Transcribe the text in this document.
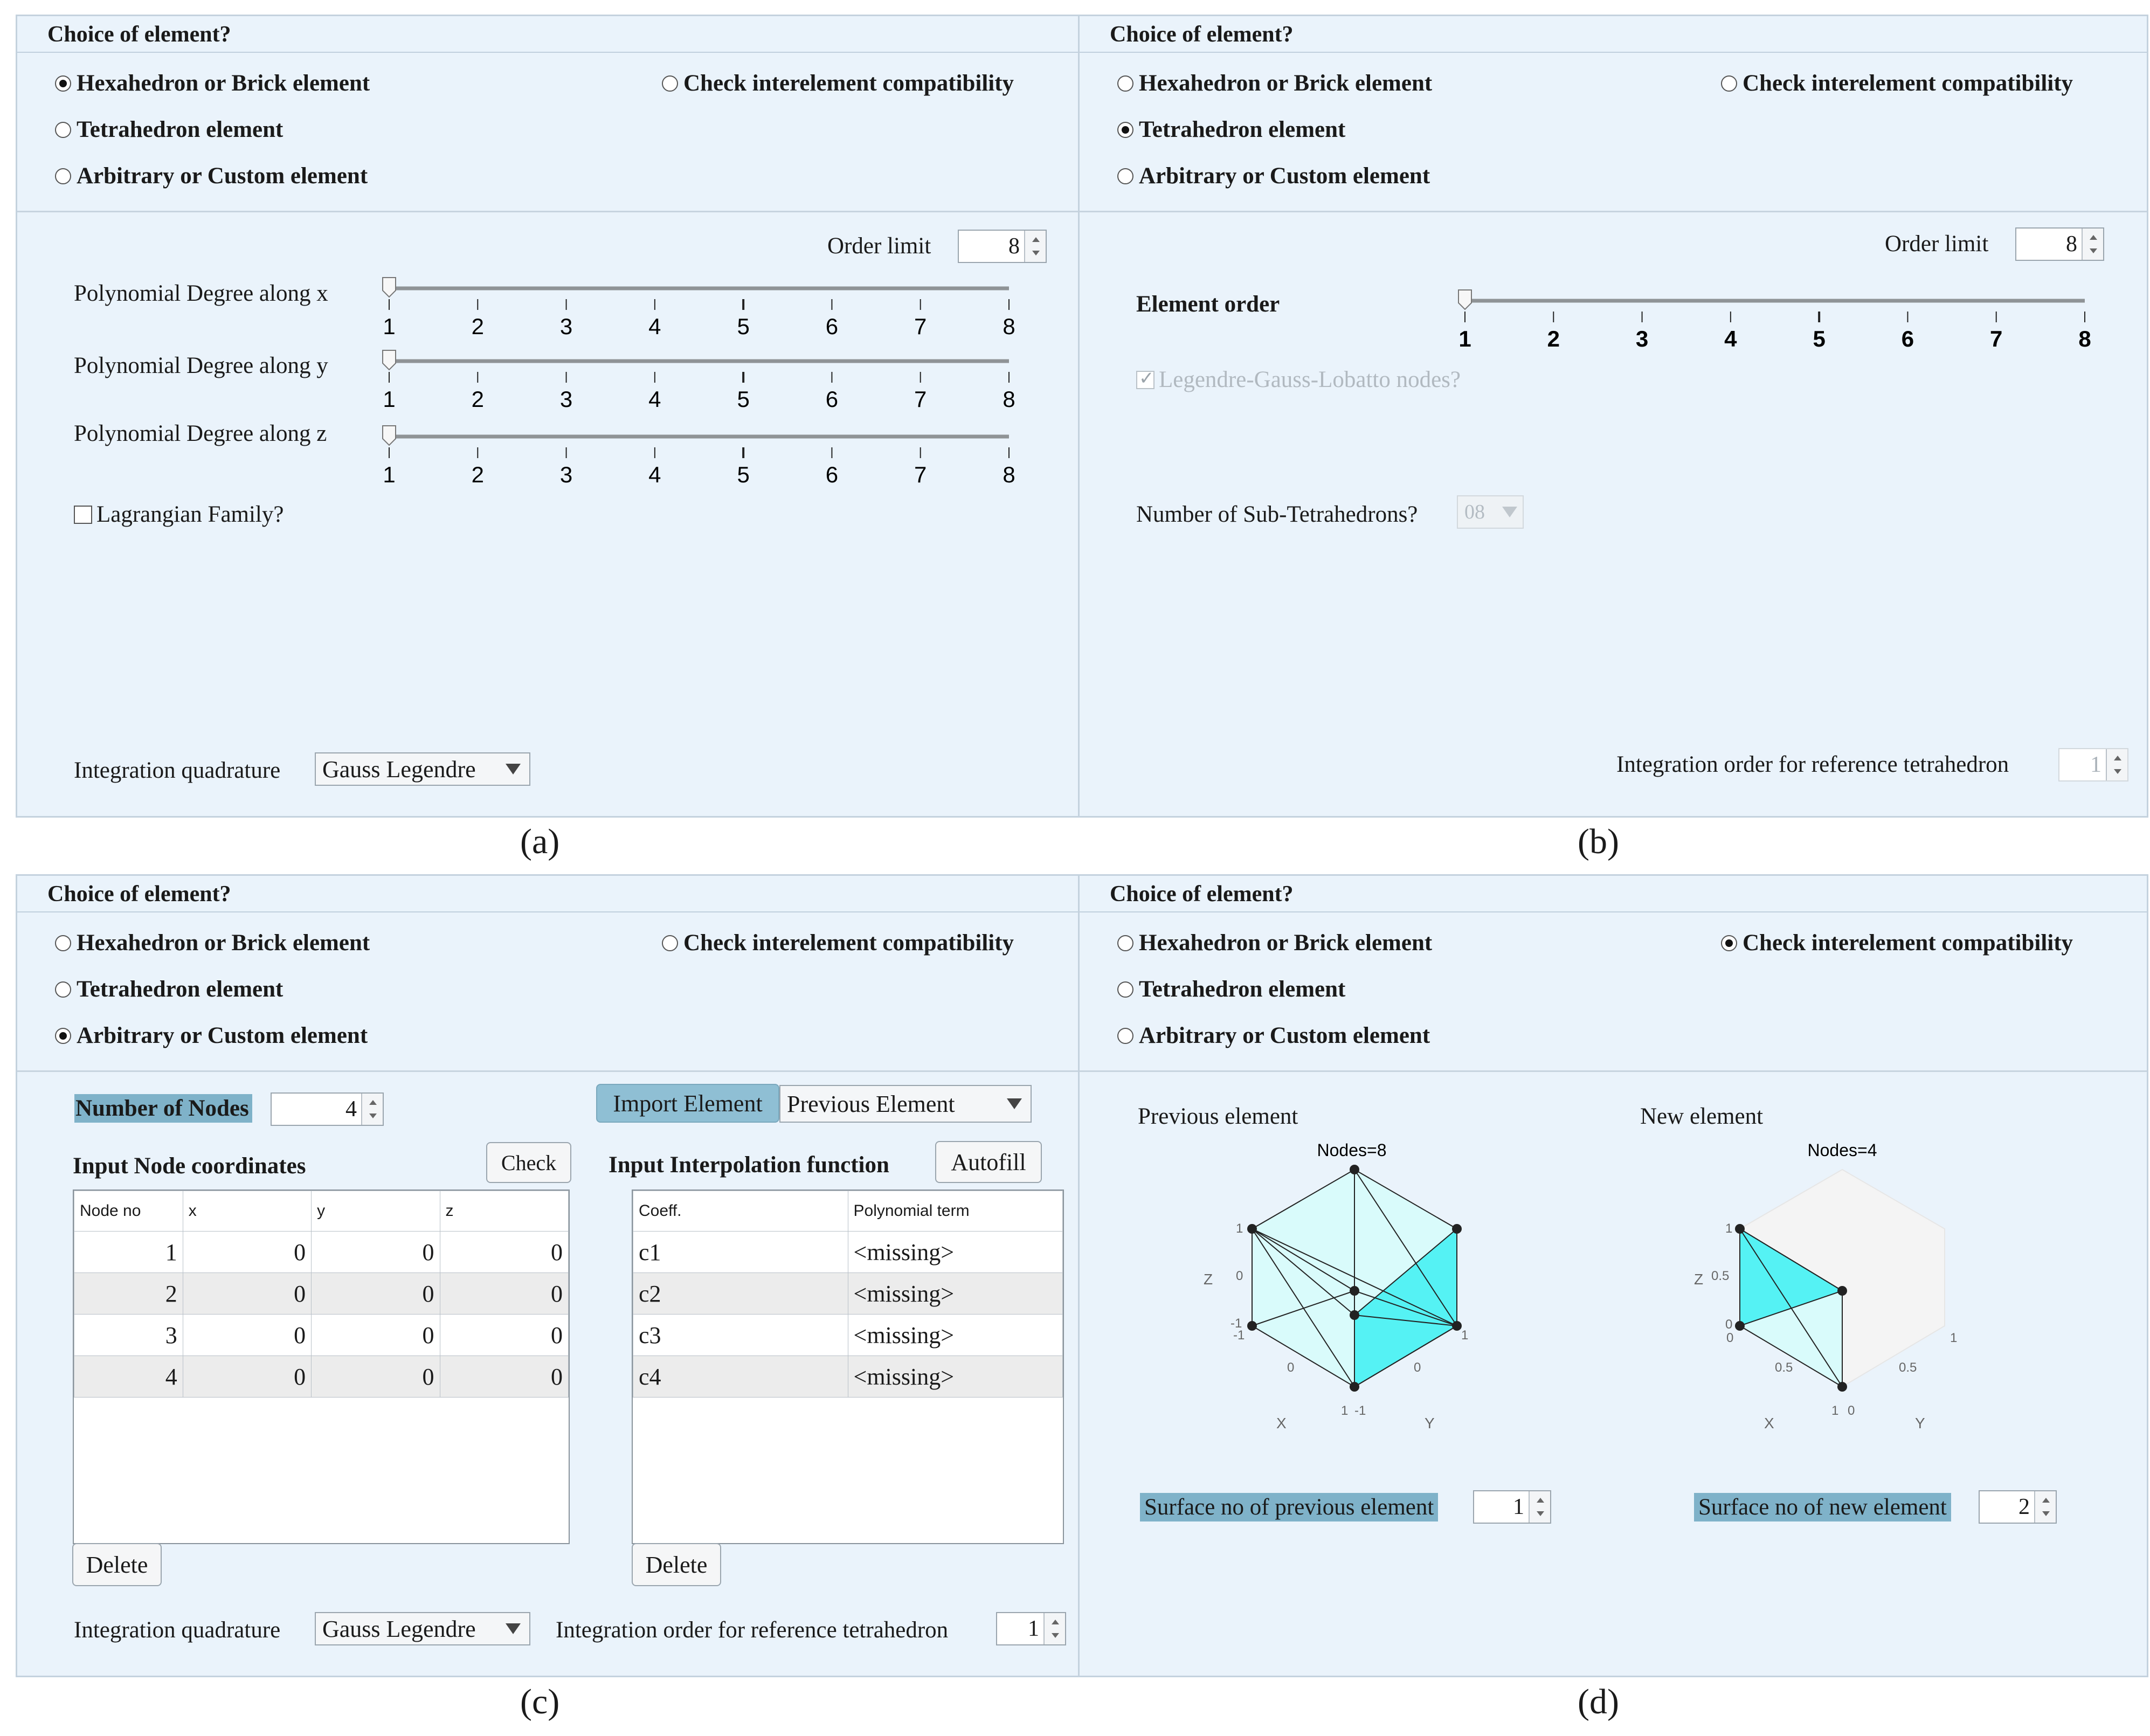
Choice of element?
Hexahedron or Brick element	Check interelement compatibility
Tetrahedron element
Arbitrary or Custom element
Order limit	8
Polynomial Degree along x
1	2	3	4	5	6	7	8
Polynomial Degree along y
1	2	3	4	5	6	7	8
Polynomial Degree along z
1	2	3	4	5	6	7	8
Lagrangian Family?
Integration quadrature Gauss Legendre
(a)
Choice of element?
Hexahedron or Brick element	Check interelement compatibility
Tetrahedron element
Arbitrary or Custom element
Order limit	8
Element order
1	2	3	4	5	6	7	8
✓
Legendre-Gauss-Lobatto nodes?
Number of Sub-Tetrahedrons? 08
Integration order for reference tetrahedron	1
(b)
Choice of element?
Hexahedron or Brick element	Check interelement compatibility
Tetrahedron element
Arbitrary or Custom element
Number of Nodes	4	Import Element Previous Element
Input Node coordinates	Check Input Interpolation function	Autofill
Node no	x	y	z
1	0	0	0
2	0	0	0
3	0	0	0
4	0	0	0
Coeff.	Polynomial term
c1	<missing>
c2	<missing>
c3	<missing>
c4	<missing>
Delete	Delete
Integration quadrature Gauss Legendre	Integration order for reference tetrahedron	1
(c)
Choice of element?
Hexahedron or Brick element	Check interelement compatibility
Tetrahedron element
Arbitrary or Custom element
Previous element	New element
Nodes=8
1
0
-1
-1
0
1 -1
0
1
Z
X	Y
Nodes=4
1
0.5
0
0
0.5
1 0
0.5
1
Z
X	Y
Surface no of previous element	1	Surface no of new element	2
(d)
